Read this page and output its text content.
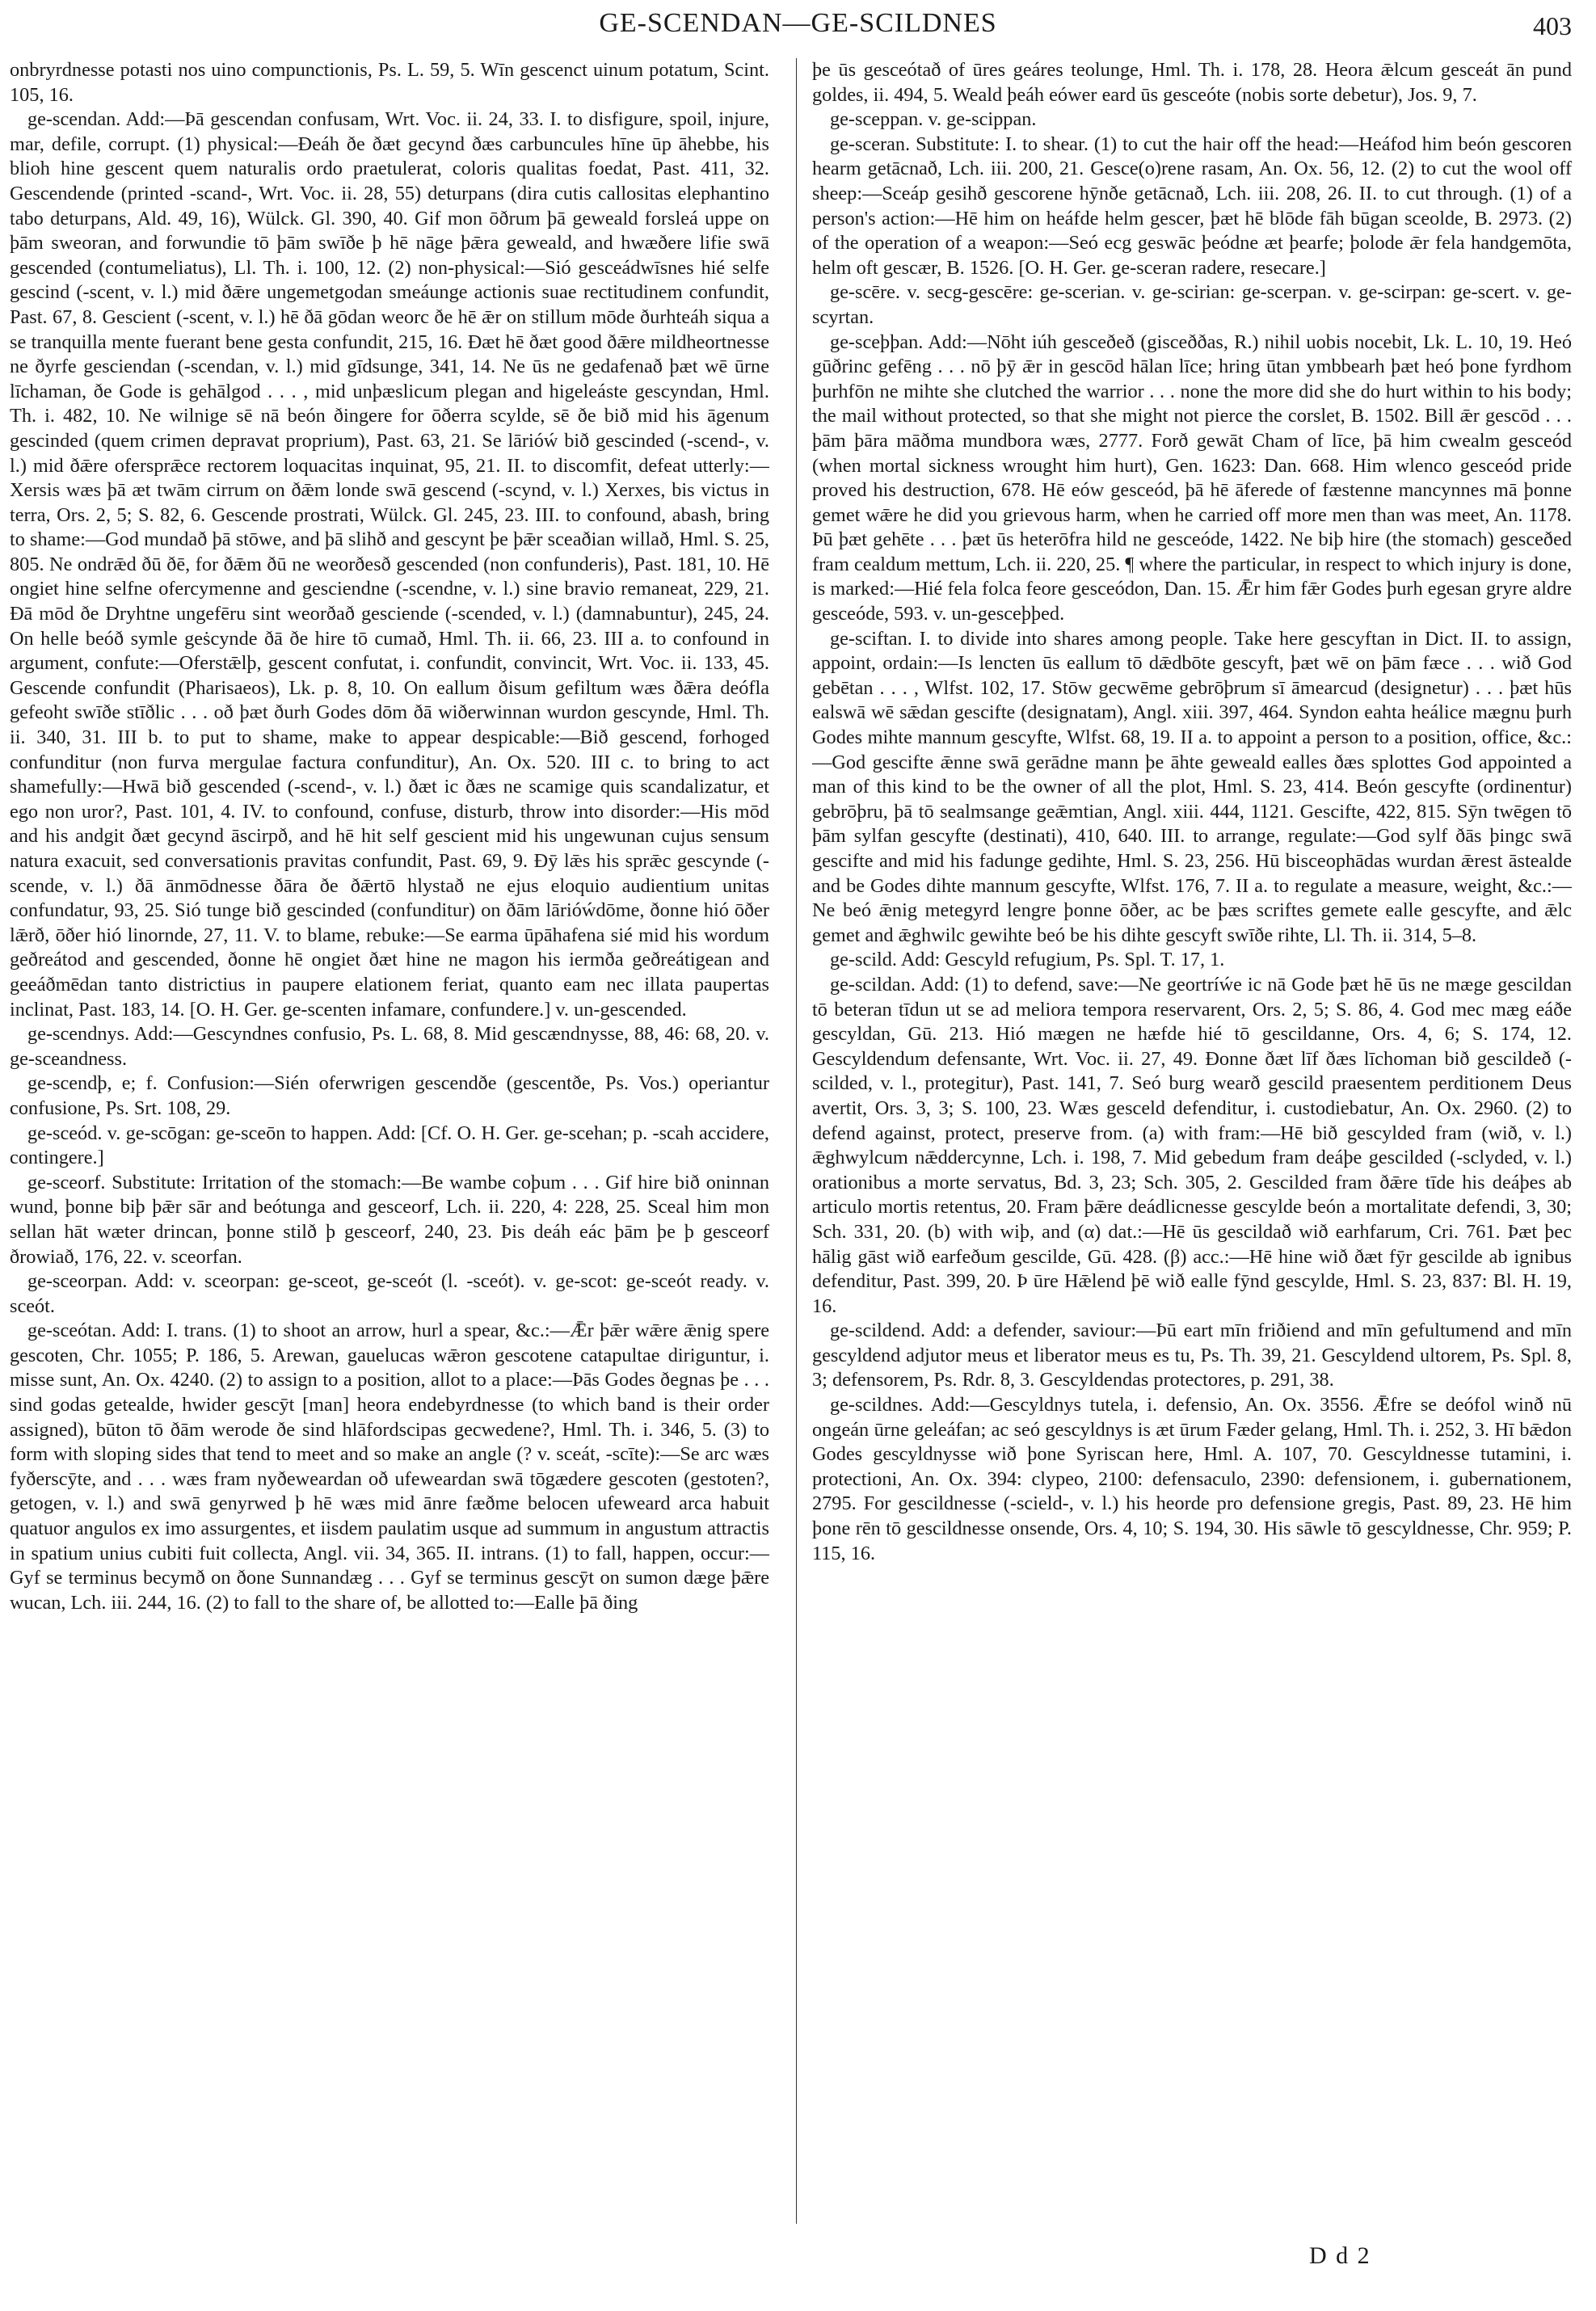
GE-SCENDAN—GE-SCILDNES	403

onbryrdnesse potasti nos uino compunctionis, Ps. L. 59, 5. Wīn gescenct uinum potatum, Scint. 105, 16.

ge-scendan. Add:—Þā gescendan confusam, Wrt. Voc. ii. 24, 33. I. to disfigure, spoil, injure, mar, defile, corrupt. (1) physical:—Ðeáh ðe ðæt gecynd ðæs carbuncules hīne ūp āhebbe, his blioh hine gescent quem naturalis ordo praetulerat, coloris qualitas foedat, Past. 411, 32. Gescendende (printed -scand-, Wrt. Voc. ii. 28, 55) deturpans (dira cutis callositas elephantino tabo deturpans, Ald. 49, 16), Wülck. Gl. 390, 40. Gif mon ōðrum þā geweald forsleá uppe on þām sweoran, and forwundie tō þām swīðe þ hē nāge þǣra geweald, and hwæðere lifie swā gescended (contumeliatus), Ll. Th. i. 100, 12. (2) non-physical:—Sió gesceádwīsnes hié selfe gescind (-scent, v. l.) mid ðǣre ungemetgodan smeáunge actionis suae rectitudinem confundit, Past. 67, 8. Gescient (-scent, v. l.) hē ðā gōdan weorc ðe hē ǣr on stillum mōde ðurhteáh siqua a se tranquilla mente fuerant bene gesta confundit, 215, 16. Ðæt hē ðæt good ðǣre mildheortnesse ne ðyrfe gesciendan (-scendan, v. l.) mid gīdsunge, 341, 14. Ne ūs ne gedafenað þæt wē ūrne līchaman, ðe Gode is gehālgod . . . , mid unþæslicum plegan and higeleáste gescyndan, Hml. Th. i. 482, 10. Ne wilnige sē nā beón ðingere for ōðerra scylde, sē ðe bið mid his āgenum gescinded (quem crimen depravat proprium), Past. 63, 21. Se lārióẃ bið gescinded (-scend-, v. l.) mid ðǣre ofersprǣce rectorem loquacitas inquinat, 95, 21. II. to discomfit, defeat utterly:—Xersis wæs þā æt twām cirrum on ðǣm londe swā gescend (-scynd, v. l.) Xerxes, bis victus in terra, Ors. 2, 5; S. 82, 6. Gescende prostrati, Wülck. Gl. 245, 23. III. to confound, abash, bring to shame:—God mundað þā stōwe, and þā slihð and gescynt þe þǣr sceaðian willað, Hml. S. 25, 805. Ne ondrǣd ðū ðē, for ðǣm ðū ne weorðesð gescended (non confunderis), Past. 181, 10. Hē ongiet hine selfne ofercymenne and gesciendne (-scendne, v. l.) sine bravio remaneat, 229, 21. Ðā mōd ðe Dryhtne ungefēru sint weorðað gesciende (-scended, v. l.) (damnabuntur), 245, 24. On helle beóð symle geṡcynde ðā ðe hire tō cumað, Hml. Th. ii. 66, 23. III a. to confound in argument, confute:—Oferstǣlþ, gescent confutat, i. confundit, convincit, Wrt. Voc. ii. 133, 45. Gescende confundit (Pharisaeos), Lk. p. 8, 10. On eallum ðisum gefiltum wæs ðǣra deófla gefeoht swīðe stīðlic . . . oð þæt ðurh Godes dōm ðā wiðerwinnan wurdon gescynde, Hml. Th. ii. 340, 31. III b. to put to shame, make to appear despicable:—Bið gescend, forhoged confunditur (non furva mergulae factura confunditur), An. Ox. 520. III c. to bring to act shamefully:—Hwā bið gescended (-scend-, v. l.) ðæt ic ðæs ne scamige quis scandalizatur, et ego non uror?, Past. 101, 4. IV. to confound, confuse, disturb, throw into disorder:—His mōd and his andgit ðæt gecynd āscirpð, and hē hit self gescient mid his ungewunan cujus sensum natura exacuit, sed conversationis pravitas confundit, Past. 69, 9. Ðȳ lǣs his sprǣc gescynde (-scende, v. l.) ðā ānmōdnesse ðāra ðe ðǣrtō hlystað ne ejus eloquio audientium unitas confundatur, 93, 25. Sió tunge bið gescinded (confunditur) on ðām lārióẃdōme, ðonne hió ōðer lǣrð, ōðer hió linornde, 27, 11. V. to blame, rebuke:—Se earma ūpāhafena sié mid his wordum geðreátod and gescended, ðonne hē ongiet ðæt hine ne magon his iermða geðreátigean and geeáðmēdan tanto districtius in paupere elationem feriat, quanto eam nec illata paupertas inclinat, Past. 183, 14. [O. H. Ger. ge-scenten infamare, confundere.] v. un-gescended.

ge-scendnys. Add:—Gescyndnes confusio, Ps. L. 68, 8. Mid gescændnysse, 88, 46: 68, 20. v. ge-sceandness.

ge-scendþ, e; f. Confusion:—Sién oferwrigen gescendðe (gescentðe, Ps. Vos.) operiantur confusione, Ps. Srt. 108, 29.

ge-sceód. v. ge-scōgan: ge-sceōn to happen. Add: [Cf. O. H. Ger. ge-scehan; p. -scah accidere, contingere.]

ge-sceorf. Substitute: Irritation of the stomach:—Be wambe coþum . . . Gif hire bið oninnan wund, þonne biþ þǣr sār and beótunga and gesceorf, Lch. ii. 220, 4: 228, 25. Sceal him mon sellan hāt wæter drincan, þonne stilð þ gesceorf, 240, 23. Þis deáh eác þām þe þ gesceorf ðrowiað, 176, 22. v. sceorfan.

ge-sceorpan. Add: v. sceorpan: ge-sceot, ge-sceót (l. -sceót). v. ge-scot: ge-sceót ready. v. sceót.

ge-sceótan. Add: I. trans. (1) to shoot an arrow, hurl a spear, &c.:—Ǣr þǣr wǣre ǣnig spere gescoten, Chr. 1055; P. 186, 5. Arewan, gauelucas wǣron gescotene catapultae diriguntur, i. misse sunt, An. Ox. 4240. (2) to assign to a position, allot to a place:—Þās Godes ðegnas þe . . . sind godas getealde, hwider gescȳt [man] heora endebyrdnesse (to which band is their order assigned), būton tō ðām werode ðe sind hlāfordscipas gecwedene?, Hml. Th. i. 346, 5. (3) to form with sloping sides that tend to meet and so make an angle (? v. sceát, -scīte):—Se arc wæs fyðerscȳte, and . . . wæs fram nyðeweardan oð ufeweardan swā tōgædere gescoten (gestoten?, getogen, v. l.) and swā genyrwed þ hē wæs mid ānre fæðme belocen ufeweard arca habuit quatuor angulos ex imo assurgentes, et iisdem paulatim usque ad summum in angustum attractis in spatium unius cubiti fuit collecta, Angl. vii. 34, 365. II. intrans. (1) to fall, happen, occur:—Gyf se terminus becymð on ðone Sunnandæg . . . Gyf se terminus gescȳt on sumon dæge þǣre wucan, Lch. iii. 244, 16. (2) to fall to the share of, be allotted to:—Ealle þā ðing

þe ūs gesceótað of ūres geáres teolunge, Hml. Th. i. 178, 28. Heora ǣlcum gesceát ān pund goldes, ii. 494, 5. Weald þeáh eówer eard ūs gesceóte (nobis sorte debetur), Jos. 9, 7.

ge-sceppan. v. ge-scippan.

ge-sceran. Substitute: I. to shear. (1) to cut the hair off the head:—Heáfod him beón gescoren hearm getācnað, Lch. iii. 200, 21. Gesce(o)rene rasam, An. Ox. 56, 12. (2) to cut the wool off sheep:—Sceáp gesihð gescorene hȳnðe getācnað, Lch. iii. 208, 26. II. to cut through. (1) of a person's action:—Hē him on heáfde helm gescer, þæt hē blōde fāh būgan sceolde, B. 2973. (2) of the operation of a weapon:—Seó ecg geswāc þeódne æt þearfe; þolode ǣr fela handgemōta, helm oft gescær, B. 1526. [O. H. Ger. ge-sceran radere, resecare.]

ge-scēre. v. secg-gescēre: ge-scerian. v. ge-scirian: ge-scerpan. v. ge-scirpan: ge-scert. v. ge-scyrtan.

ge-sceþþan. Add:—Nōht iúh gesceðeð (gisceððas, R.) nihil uobis nocebit, Lk. L. 10, 19. Heó gūðrinc gefēng . . . nō þȳ ǣr in gescōd hālan līce; hring ūtan ymbbearh þæt heó þone fyrdhom þurhfōn ne mihte she clutched the warrior . . . none the more did she do hurt within to his body; the mail without protected, so that she might not pierce the corslet, B. 1502. Bill ǣr gescōd . . . þām þāra māðma mundbora wæs, 2777. Forð gewāt Cham of līce, þā him cwealm gesceód (when mortal sickness wrought him hurt), Gen. 1623: Dan. 668. Him wlenco gesceód pride proved his destruction, 678. Hē eów gesceód, þā hē āferede of fæstenne mancynnes mā þonne gemet wǣre he did you grievous harm, when he carried off more men than was meet, An. 1178. Þū þæt gehēte . . . þæt ūs heterōfra hild ne gesceóde, 1422. Ne biþ hire (the stomach) gesceðed fram cealdum mettum, Lch. ii. 220, 25. ¶ where the particular, in respect to which injury is done, is marked:—Hié fela folca feore gesceódon, Dan. 15. Ǣr him fǣr Godes þurh egesan gryre aldre gesceóde, 593. v. un-gesceþþed.

ge-sciftan. I. to divide into shares among people. Take here gescyftan in Dict. II. to assign, appoint, ordain:—Is lencten ūs eallum tō dǣdbōte gescyft, þæt wē on þām fæce . . . wið God gebētan . . . , Wlfst. 102, 17. Stōw gecwēme gebrōþrum sī āmearcud (designetur) . . . þæt hūs ealswā wē sǣdan gescifte (designatam), Angl. xiii. 397, 464. Syndon eahta heálice mægnu þurh Godes mihte mannum gescyfte, Wlfst. 68, 19. II a. to appoint a person to a position, office, &c.:—God gescifte ǣnne swā gerādne mann þe āhte geweald ealles ðæs splottes God appointed a man of this kind to be the owner of all the plot, Hml. S. 23, 414. Beón gescyfte (ordinentur) gebrōþru, þā tō sealmsange geǣmtian, Angl. xiii. 444, 1121. Gescifte, 422, 815. Sȳn twēgen tō þām sylfan gescyfte (destinati), 410, 640. III. to arrange, regulate:—God sylf ðās þingc swā gescifte and mid his fadunge gedihte, Hml. S. 23, 256. Hū bisceophādas wurdan ǣrest āstealde and be Godes dihte mannum gescyfte, Wlfst. 176, 7. II a. to regulate a measure, weight, &c.:—Ne beó ǣnig metegyrd lengre þonne ōðer, ac be þæs scriftes gemete ealle gescyfte, and ǣlc gemet and ǣghwilc gewihte beó be his dihte gescyft swīðe rihte, Ll. Th. ii. 314, 5–8.

ge-scild. Add: Gescyld refugium, Ps. Spl. T. 17, 1.

ge-scildan. Add: (1) to defend, save:—Ne geortríẃe ic nā Gode þæt hē ūs ne mæge gescildan tō beteran tīdun ut se ad meliora tempora reservarent, Ors. 2, 5; S. 86, 4. God mec mæg eáðe gescyldan, Gū. 213. Hió mægen ne hæfde hié tō gescildanne, Ors. 4, 6; S. 174, 12. Gescyldendum defensante, Wrt. Voc. ii. 27, 49. Ðonne ðæt līf ðæs līchoman bið gescildeð (-scilded, v. l., protegitur), Past. 141, 7. Seó burg wearð gescild praesentem perditionem Deus avertit, Ors. 3, 3; S. 100, 23. Wæs gesceld defenditur, i. custodiebatur, An. Ox. 2960. (2) to defend against, protect, preserve from. (a) with fram:—Hē bið gescylded fram (wið, v. l.) ǣghwylcum nǣddercynne, Lch. i. 198, 7. Mid gebedum fram deáþe gescilded (-sclyded, v. l.) orationibus a morte servatus, Bd. 3, 23; Sch. 305, 2. Gescilded fram ðǣre tīde his deáþes ab articulo mortis retentus, 20. Fram þǣre deádlicnesse gescylde beón a mortalitate defendi, 3, 30; Sch. 331, 20. (b) with wiþ, and (α) dat.:—Hē ūs gescildað wið earhfarum, Cri. 761. Þæt þec hālig gāst wið earfeðum gescilde, Gū. 428. (β) acc.:—Hē hine wið ðæt fȳr gescilde ab ignibus defenditur, Past. 399, 20. Þ ūre Hǣlend þē wið ealle fȳnd gescylde, Hml. S. 23, 837: Bl. H. 19, 16.

ge-scildend. Add: a defender, saviour:—Þū eart mīn friðiend and mīn gefultumend and mīn gescyldend adjutor meus et liberator meus es tu, Ps. Th. 39, 21. Gescyldend ultorem, Ps. Spl. 8, 3; defensorem, Ps. Rdr. 8, 3. Gescyldendas protectores, p. 291, 38.

ge-scildnes. Add:—Gescyldnys tutela, i. defensio, An. Ox. 3556. Ǣfre se deófol winð nū ongeán ūrne geleáfan; ac seó gescyldnys is æt ūrum Fæder gelang, Hml. Th. i. 252, 3. Hī bǣdon Godes gescyldnysse wið þone Syriscan here, Hml. A. 107, 70. Gescyldnesse tutamini, i. protectioni, An. Ox. 394: clypeo, 2100: defensaculo, 2390: defensionem, i. gubernationem, 2795. For gescildnesse (-scield-, v. l.) his heorde pro defensione gregis, Past. 89, 23. Hē him þone rēn tō gescildnesse onsende, Ors. 4, 10; S. 194, 30. His sāwle tō gescyldnesse, Chr. 959; P. 115, 16.

D d 2
